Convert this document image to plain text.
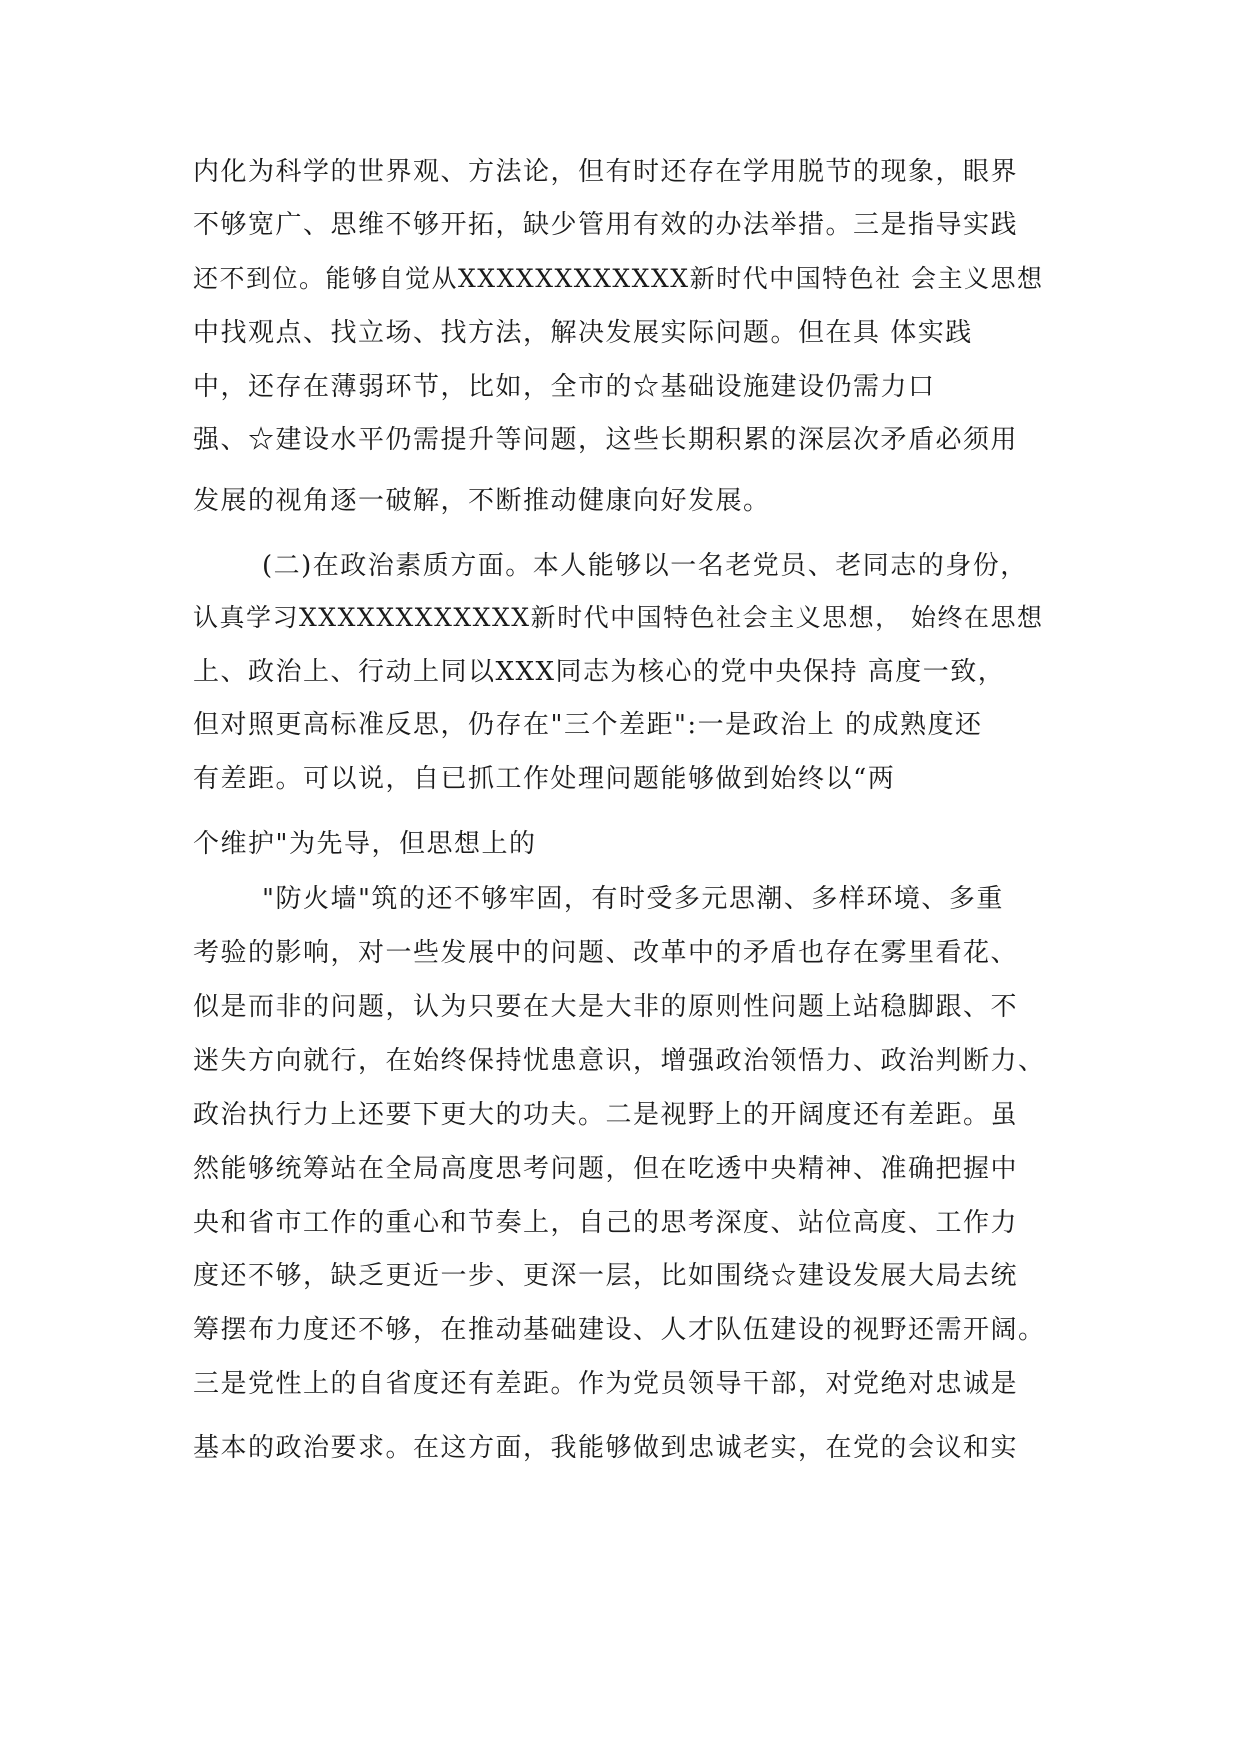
内化为科学的世界观、方法论，但有时还存在学用脱节的现象，眼界
不够宽广、思维不够开拓，缺少管用有效的办法举措。三是指导实践
还不到位。能够自觉从XXXXXXXXXXXX新时代中国特色社 会主义思想
中找观点、找立场、找方法，解决发展实际问题。但在具 体实践
中，还存在薄弱环节，比如，全市的☆基础设施建设仍需力口
强、☆建设水平仍需提升等问题，这些长期积累的深层次矛盾必须用
发展的视角逐一破解，不断推动健康向好发展。
(二)在政治素质方面。本人能够以一名老党员、老同志的身份，
认真学习XXXXXXXXXXXX新时代中国特色社会主义思想， 始终在思想
上、政治上、行动上同以XXX同志为核心的党中央保持 高度一致，
但对照更高标准反思，仍存在"三个差距":一是政治上 的成熟度还
有差距。可以说，自已抓工作处理问题能够做到始终以“两
个维护"为先导，但思想上的
"防火墙"筑的还不够牢固，有时受多元思潮、多样环境、多重
考验的影响，对一些发展中的问题、改革中的矛盾也存在雾里看花、
似是而非的问题，认为只要在大是大非的原则性问题上站稳脚跟、不
迷失方向就行，在始终保持忧患意识，增强政治领悟力、政治判断力、
政治执行力上还要下更大的功夫。二是视野上的开阔度还有差距。虽
然能够统筹站在全局高度思考问题，但在吃透中央精神、准确把握中
央和省市工作的重心和节奏上，自己的思考深度、站位高度、工作力
度还不够，缺乏更近一步、更深一层，比如围绕☆建设发展大局去统
筹摆布力度还不够，在推动基础建设、人才队伍建设的视野还需开阔。
三是党性上的自省度还有差距。作为党员领导干部，对党绝对忠诚是
基本的政治要求。在这方面，我能够做到忠诚老实，在党的会议和实
